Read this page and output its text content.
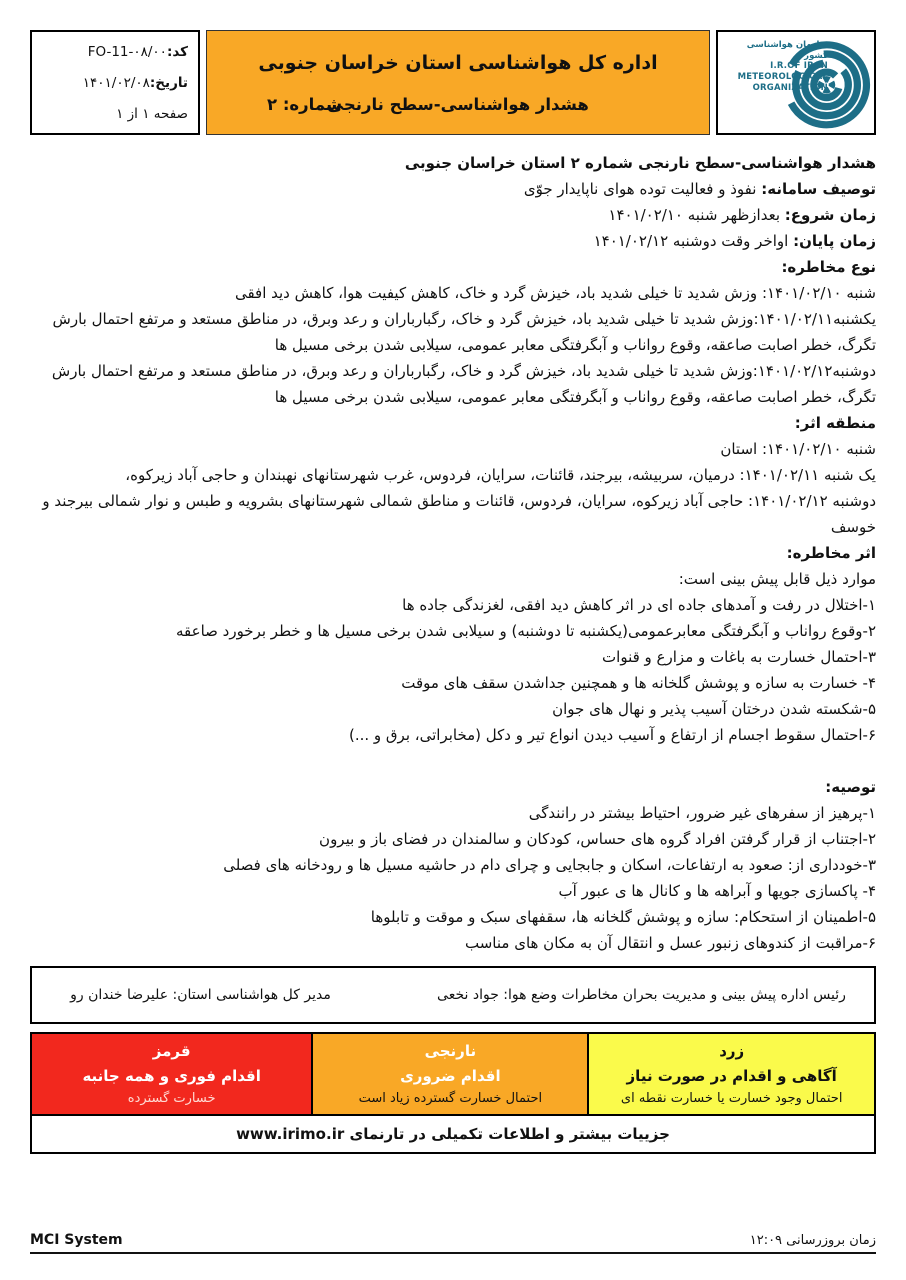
سازمان هواشناسی کشور
I.R.OF IRAN
METEOROLOGICAL
ORGANIZATION
اداره کل هواشناسی استان خراسان جنوبی
هشدار هواشناسی-سطح نارنجی
شماره: ۲
کد:FO-11-۰۸/۰۰
تاریخ:۱۴۰۱/۰۲/۰۸
صفحه ۱ از ۱

هشدار هواشناسی-سطح نارنجی شماره ۲ استان خراسان جنوبی

توصیف سامانه: نفوذ و فعالیت توده هوای ناپایدار جوّی

زمان شروع: بعدازظهر شنبه ۱۴۰۱/۰۲/۱۰

زمان پایان: اواخر وقت دوشنبه ۱۴۰۱/۰۲/۱۲

نوع مخاطره:

شنبه ۱۴۰۱/۰۲/۱۰: وزش شدید تا خیلی شدید باد، خیزش گرد و خاک، کاهش کیفیت هوا، کاهش دید افقی

یکشنبه۱۴۰۱/۰۲/۱۱:وزش شدید تا خیلی شدید باد، خیزش گرد و خاک، رگبارباران و رعد وبرق، در مناطق مستعد و مرتفع احتمال بارش تگرگ، خطر اصابت صاعقه، وقوع رواناب و آبگرفتگی معابر عمومی، سیلابی شدن برخی مسیل ها

دوشنبه۱۴۰۱/۰۲/۱۲:وزش شدید تا خیلی شدید باد، خیزش گرد و خاک، رگبارباران و رعد وبرق، در مناطق مستعد و مرتفع احتمال بارش تگرگ، خطر اصابت صاعقه، وقوع رواناب و آبگرفتگی معابر عمومی، سیلابی شدن برخی مسیل ها

منطقه اثر:

شنبه ۱۴۰۱/۰۲/۱۰: استان

یک شنبه ۱۴۰۱/۰۲/۱۱: درمیان، سربیشه، بیرجند، قائنات، سرایان، فردوس، غرب شهرستانهای نهبندان و حاجی آباد زیرکوه،

دوشنبه ۱۴۰۱/۰۲/۱۲: حاجی آباد زیرکوه، سرایان، فردوس، قائنات و مناطق شمالی شهرستانهای بشرویه و طبس و نوار شمالی بیرجند و خوسف

اثر مخاطره:

موارد ذیل قابل پیش بینی است:

۱-اختلال در رفت و آمدهای جاده ای در اثر کاهش دید افقی، لغزندگی جاده ها

۲-وقوع رواناب و آبگرفتگی معابرعمومی(یکشنبه تا دوشنبه) و سیلابی شدن برخی مسیل ها و خطر برخورد صاعقه

۳-احتمال خسارت به باغات و مزارع و قنوات

۴- خسارت به سازه و پوشش گلخانه ها و همچنین جداشدن سقف های موقت

۵-شکسته شدن درختان آسیب پذیر و نهال های جوان

۶-احتمال سقوط اجسام از ارتفاع و آسیب دیدن انواع تیر و دکل (مخابراتی، برق و ...)

توصیه:

۱-پرهیز از سفرهای غیر ضرور، احتیاط بیشتر در رانندگی

۲-اجتناب از قرار گرفتن افراد گروه های حساس، کودکان و سالمندان در فضای باز و بیرون

۳-خودداری از: صعود به ارتفاعات، اسکان و جابجایی و چرای دام در حاشیه مسیل ها و رودخانه های فصلی

۴- پاکسازی جویها و آبراهه ها و کانال ها ی عبور آب

۵-اطمینان از استحکام: سازه و پوشش گلخانه ها، سقفهای سبک و موقت و تابلوها

۶-مراقبت از کندوهای زنبور عسل و انتقال آن به مکان های مناسب

رئیس اداره پیش بینی و مدیریت بحران مخاطرات وضع هوا: جواد نخعی
مدیر کل هواشناسی استان: علیرضا خندان رو
زرد
آگاهی و اقدام در صورت نیاز
احتمال وجود خسارت یا خسارت نقطه ای
نارنجی
اقدام ضروری
احتمال خسارت گسترده زیاد است
قرمز
اقدام فوری و همه جانبه
خسارت گسترده
جزییات بیشتر و اطلاعات تکمیلی در تارنمای www.irimo.ir
MCI System	زمان بروزرسانی ۱۲:۰۹
